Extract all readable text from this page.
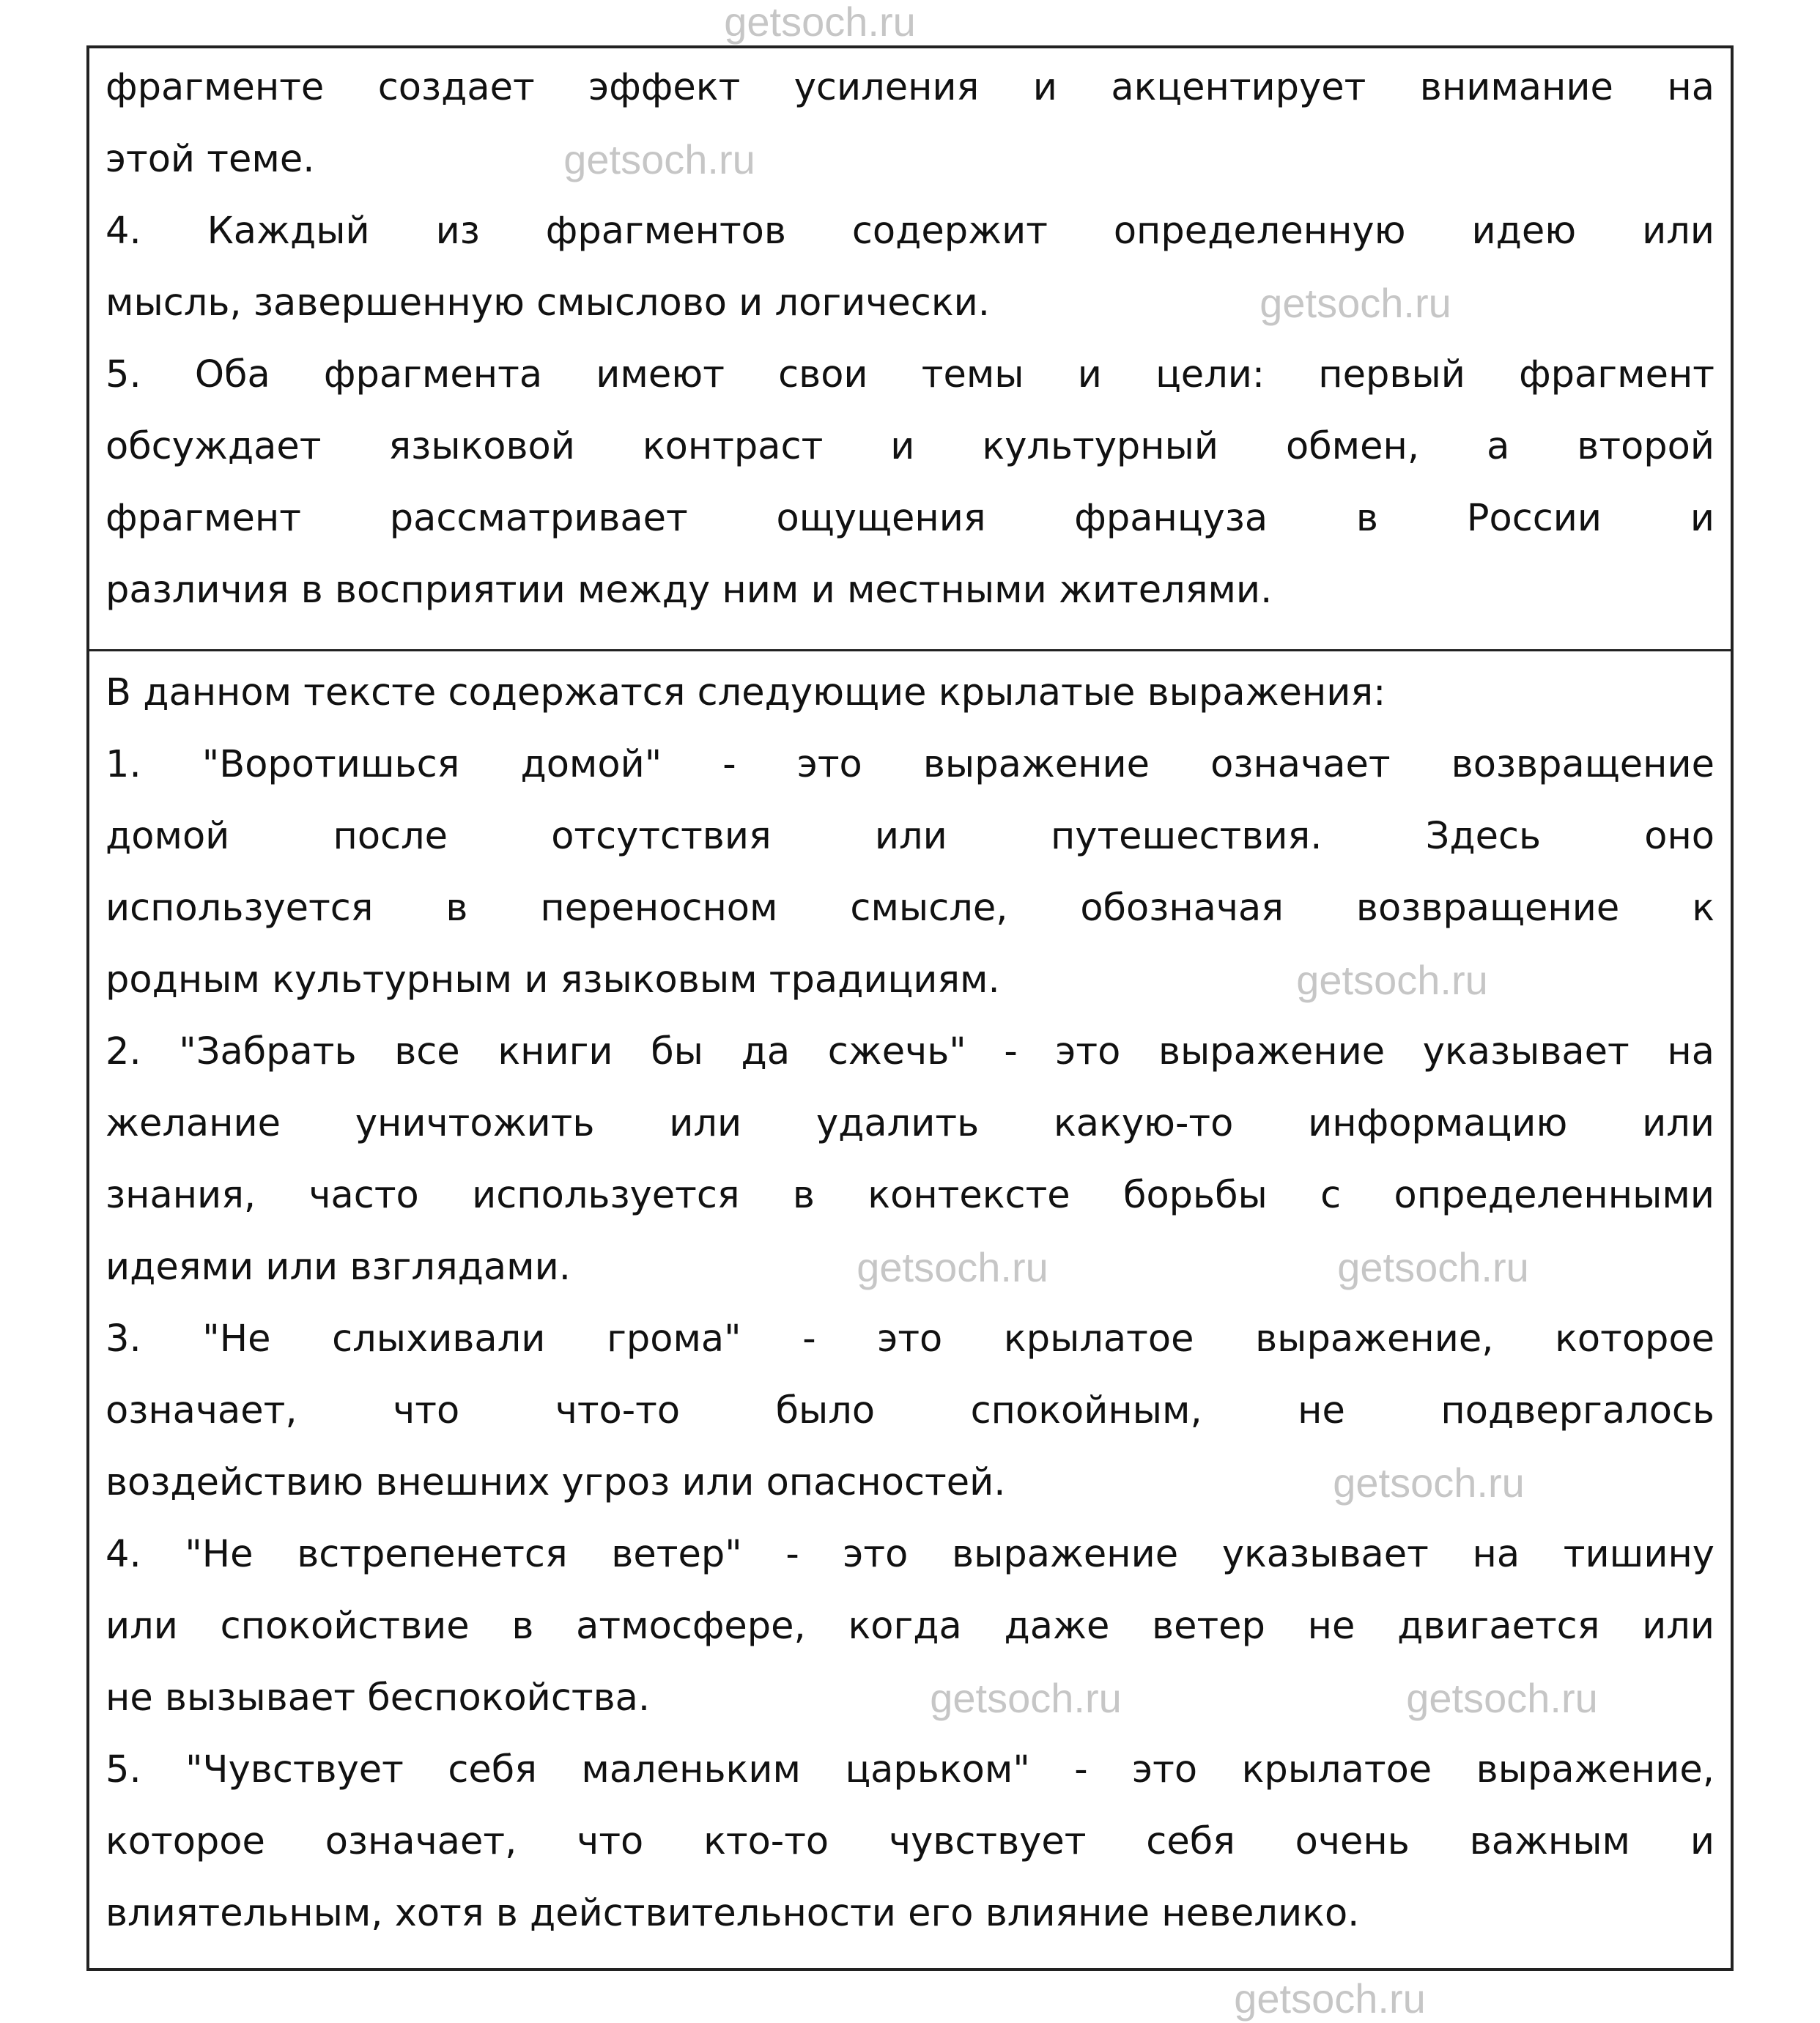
фрагменте создает эффект усиления и акцентирует внимание на
этой теме.
4. Каждый из фрагментов содержит определенную идею или
мысль, завершенную смыслово и логически.
5. Оба фрагмента имеют свои темы и цели: первый фрагмент
обсуждает языковой контраст и культурный обмен, а второй
фрагмент рассматривает ощущения француза в России и
различия в восприятии между ним и местными жителями.
В данном тексте содержатся следующие крылатые выражения:
1. "Воротишься домой" - это выражение означает возвращение
домой после отсутствия или путешествия. Здесь оно
используется в переносном смысле, обозначая возвращение к
родным культурным и языковым традициям.
2. "Забрать все книги бы да сжечь" - это выражение указывает на
желание уничтожить или удалить какую-то информацию или
знания, часто используется в контексте борьбы с определенными
идеями или взглядами.
3. "Не слыхивали грома" - это крылатое выражение, которое
означает, что что-то было спокойным, не подвергалось
воздействию внешних угроз или опасностей.
4. "Не встрепенется ветер" - это выражение указывает на тишину
или спокойствие в атмосфере, когда даже ветер не двигается или
не вызывает беспокойства.
5. "Чувствует себя маленьким царьком" - это крылатое выражение,
которое означает, что кто-то чувствует себя очень важным и
влиятельным, хотя в действительности его влияние невелико.
getsoch.ru
getsoch.ru
getsoch.ru
getsoch.ru
getsoch.ru	getsoch.ru
getsoch.ru
getsoch.ru	getsoch.ru
getsoch.ru
